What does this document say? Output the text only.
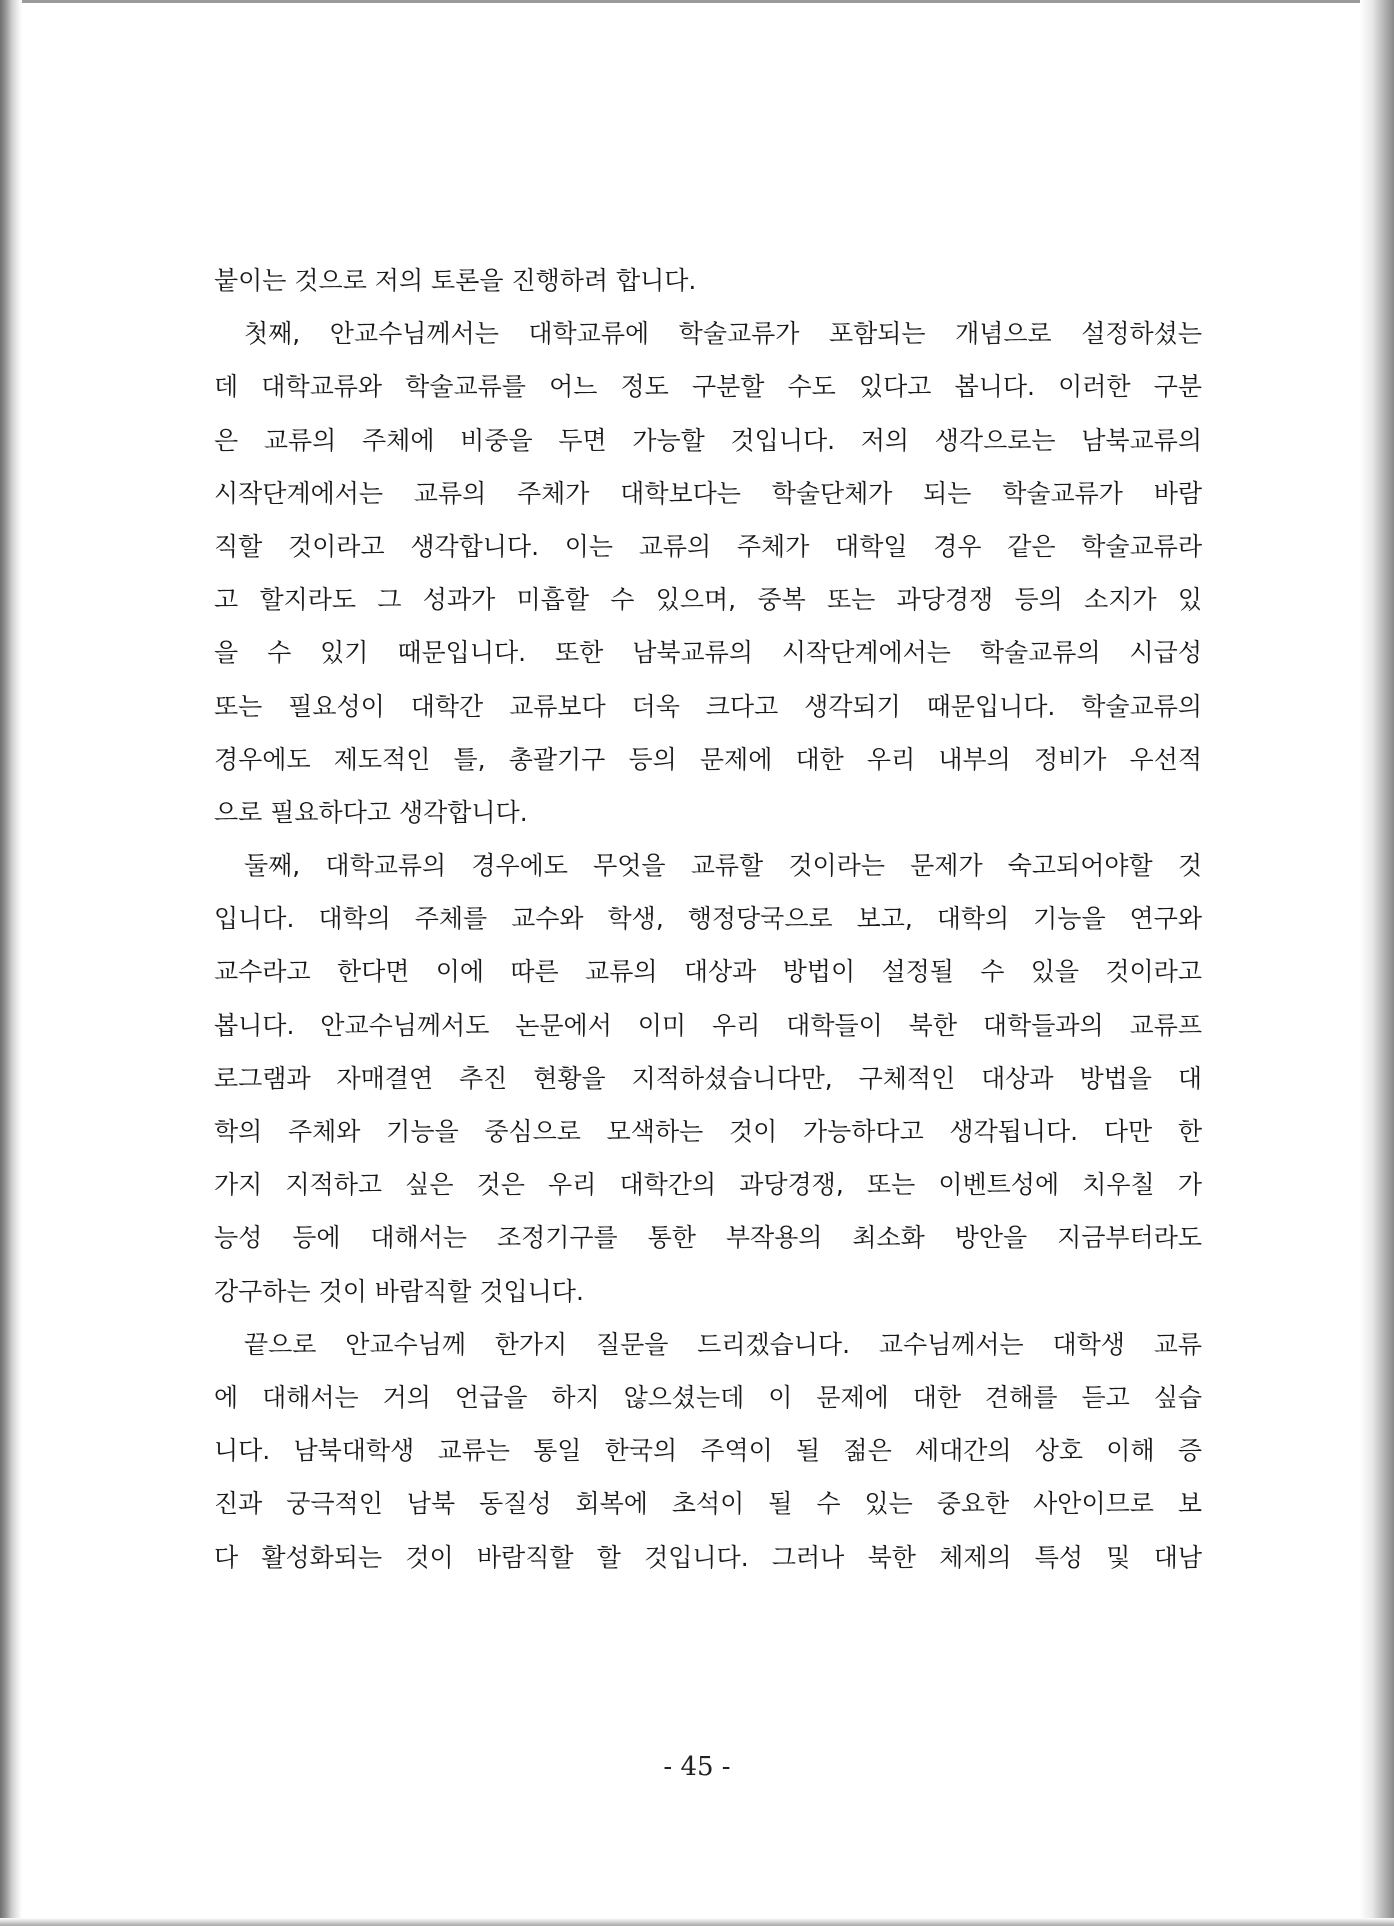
붙이는 것으로 저의 토론을 진행하려 합니다.
첫째, 안교수님께서는 대학교류에 학술교류가 포함되는 개념으로 설정하셨는
데 대학교류와 학술교류를 어느 정도 구분할 수도 있다고 봅니다. 이러한 구분
은 교류의 주체에 비중을 두면 가능할 것입니다. 저의 생각으로는 남북교류의
시작단계에서는 교류의 주체가 대학보다는 학술단체가 되는 학술교류가 바람
직할 것이라고 생각합니다. 이는 교류의 주체가 대학일 경우 같은 학술교류라
고 할지라도 그 성과가 미흡할 수 있으며, 중복 또는 과당경쟁 등의 소지가 있
을 수 있기 때문입니다. 또한 남북교류의 시작단계에서는 학술교류의 시급성
또는 필요성이 대학간 교류보다 더욱 크다고 생각되기 때문입니다. 학술교류의
경우에도 제도적인 틀, 총괄기구 등의 문제에 대한 우리 내부의 정비가 우선적
으로 필요하다고 생각합니다.
둘째, 대학교류의 경우에도 무엇을 교류할 것이라는 문제가 숙고되어야할 것
입니다. 대학의 주체를 교수와 학생, 행정당국으로 보고, 대학의 기능을 연구와
교수라고 한다면 이에 따른 교류의 대상과 방법이 설정될 수 있을 것이라고
봅니다. 안교수님께서도 논문에서 이미 우리 대학들이 북한 대학들과의 교류프
로그램과 자매결연 추진 현황을 지적하셨습니다만, 구체적인 대상과 방법을 대
학의 주체와 기능을 중심으로 모색하는 것이 가능하다고 생각됩니다. 다만 한
가지 지적하고 싶은 것은 우리 대학간의 과당경쟁, 또는 이벤트성에 치우칠 가
능성 등에 대해서는 조정기구를 통한 부작용의 최소화 방안을 지금부터라도
강구하는 것이 바람직할 것입니다.
끝으로 안교수님께 한가지 질문을 드리겠습니다. 교수님께서는 대학생 교류
에 대해서는 거의 언급을 하지 않으셨는데 이 문제에 대한 견해를 듣고 싶습
니다. 남북대학생 교류는 통일 한국의 주역이 될 젊은 세대간의 상호 이해 증
진과 궁극적인 남북 동질성 회복에 초석이 될 수 있는 중요한 사안이므로 보
다 활성화되는 것이 바람직할 할 것입니다. 그러나 북한 체제의 특성 및 대남
- 45 -
